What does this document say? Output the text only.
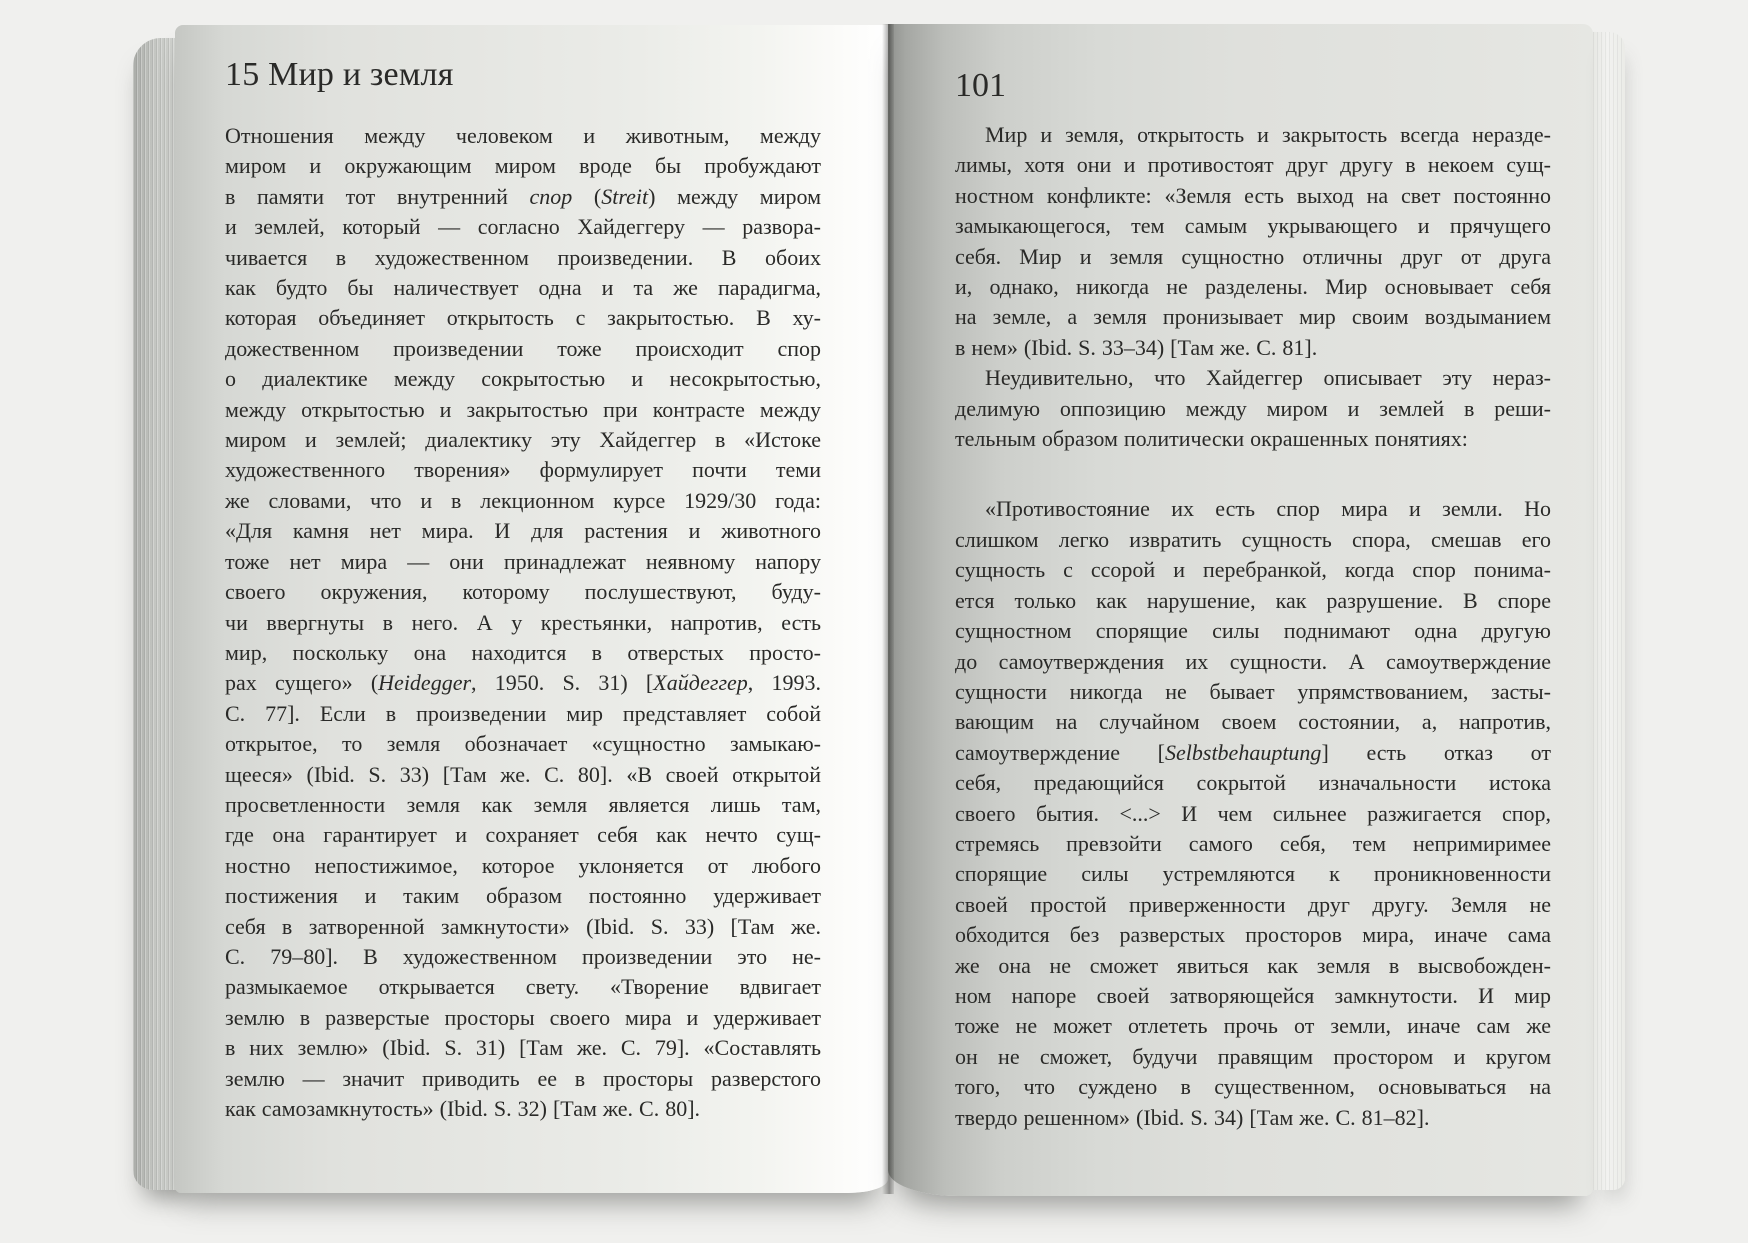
15 Мир и земля
Отношения между человеком и животным, между
миром и окружающим миром вроде бы пробуждают
в памяти тот внутренний спор (Streit) между миром
и землей, который — согласно Хайдеггеру — развора-
чивается в художественном произведении. В обоих
как будто бы наличествует одна и та же парадигма,
которая объединяет открытость с закрытостью. В ху-
дожественном произведении тоже происходит спор
о диалектике между сокрытостью и несокрытостью,
между открытостью и закрытостью при контрасте между
миром и землей; диалектику эту Хайдеггер в «Истоке
художественного творения» формулирует почти теми
же словами, что и в лекционном курсе 1929/30 года:
«Для камня нет мира. И для растения и животного
тоже нет мира — они принадлежат неявному напору
своего окружения, которому послушествуют, буду-
чи ввергнуты в него. А у крестьянки, напротив, есть
мир, поскольку она находится в отверстых просто-
рах сущего» (Heidegger, 1950. S. 31) [Хайдеггер, 1993.
С. 77]. Если в произведении мир представляет собой
открытое, то земля обозначает «сущностно замыкаю-
щееся» (Ibid. S. 33) [Там же. С. 80]. «В своей открытой
просветленности земля как земля является лишь там,
где она гарантирует и сохраняет себя как нечто сущ-
ностно непостижимое, которое уклоняется от любого
постижения и таким образом постоянно удерживает
себя в затворенной замкнутости» (Ibid. S. 33) [Там же.
С. 79–80]. В художественном произведении это не-
размыкаемое открывается свету. «Творение вдвигает
землю в разверстые просторы своего мира и удерживает
в них землю» (Ibid. S. 31) [Там же. С. 79]. «Составлять
землю — значит приводить ее в просторы разверстого
как самозамкнутость» (Ibid. S. 32) [Там же. С. 80].
101
Мир и земля, открытость и закрытость всегда неразде-
лимы, хотя они и противостоят друг другу в некоем сущ-
ностном конфликте: «Земля есть выход на свет постоянно
замыкающегося, тем самым укрывающего и прячущего
себя. Мир и земля сущностно отличны друг от друга
и, однако, никогда не разделены. Мир основывает себя
на земле, а земля пронизывает мир своим воздыманием
в нем» (Ibid. S. 33–34) [Там же. С. 81].
Неудивительно, что Хайдеггер описывает эту нераз-
делимую оппозицию между миром и землей в реши-
тельным образом политически окрашенных понятиях:
«Противостояние их есть спор мира и земли. Но
слишком легко извратить сущность спора, смешав его
сущность с ссорой и перебранкой, когда спор понима-
ется только как нарушение, как разрушение. В споре
сущностном спорящие силы поднимают одна другую
до самоутверждения их сущности. А самоутверждение
сущности никогда не бывает упрямствованием, засты-
вающим на случайном своем состоянии, а, напротив,
самоутверждение [Selbstbehauptung] есть отказ от
себя, предающийся сокрытой изначальности истока
своего бытия. <...> И чем сильнее разжигается спор,
стремясь превзойти самого себя, тем непримиримее
спорящие силы устремляются к проникновенности
своей простой приверженности друг другу. Земля не
обходится без разверстых просторов мира, иначе сама
же она не сможет явиться как земля в высвобожден-
ном напоре своей затворяющейся замкнутости. И мир
тоже не может отлететь прочь от земли, иначе сам же
он не сможет, будучи правящим простором и кругом
того, что суждено в существенном, основываться на
твердо решенном» (Ibid. S. 34) [Там же. С. 81–82].
